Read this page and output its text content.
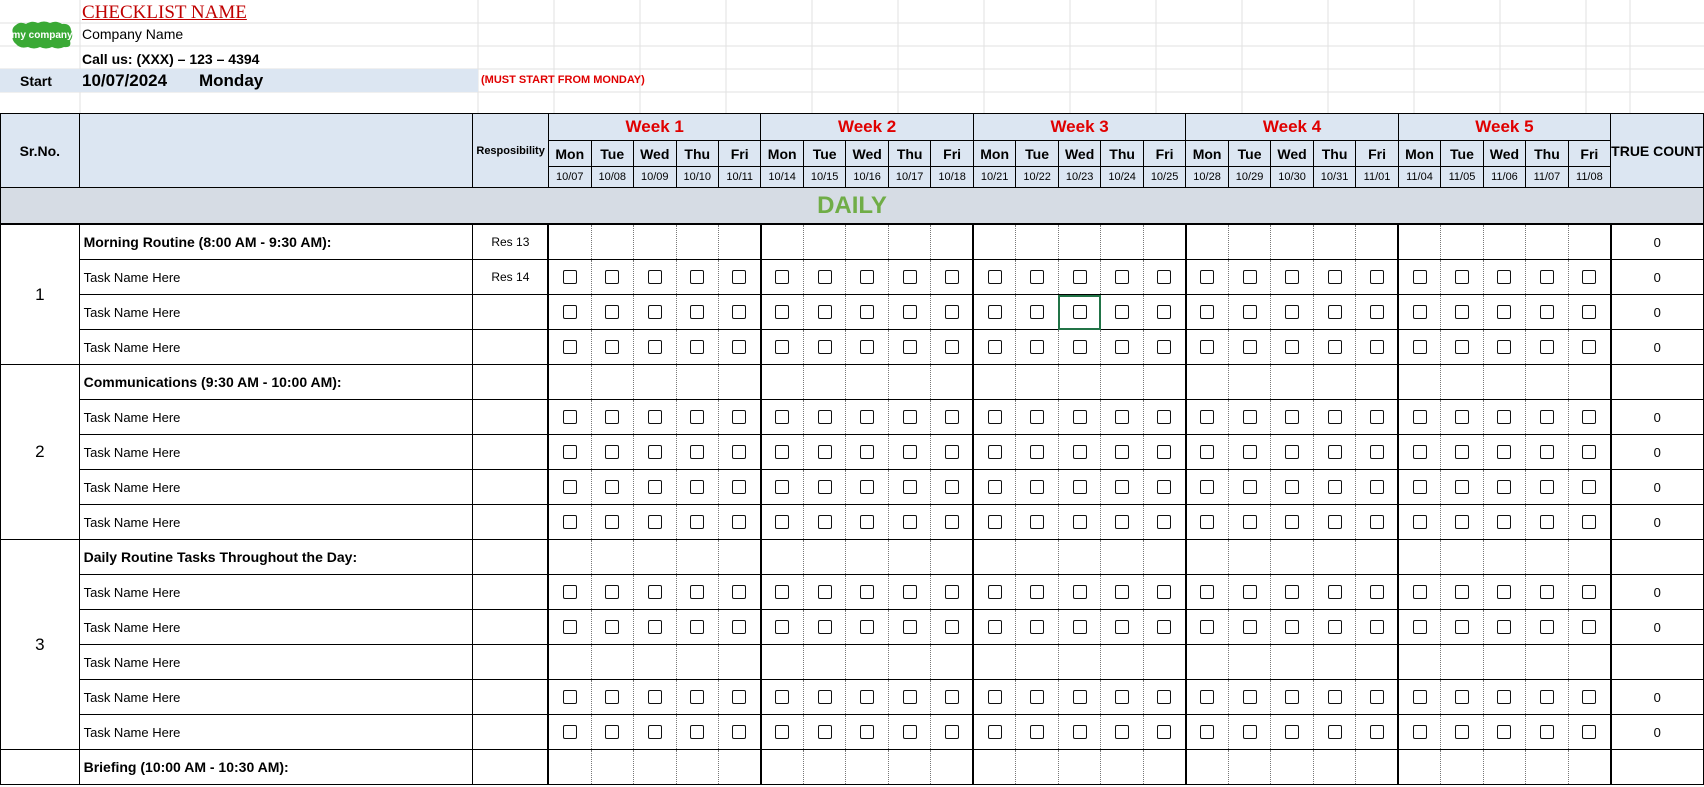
my company
CHECKLIST NAME
Company Name
Call us: (XXX) – 123 – 4394
Start 10/07/2024 Monday	(MUST START FROM MONDAY)
Sr.No.		Resposibility	Week 1					Week 2					Week 3					Week 4					Week 5					TRUE COUNT
			Mon	Tue	Wed	Thu	Fri	Mon	Tue	Wed	Thu	Fri	Mon	Tue	Wed	Thu	Fri	Mon	Tue	Wed	Thu	Fri	Mon	Tue	Wed	Thu	Fri	
			10/07	10/08	10/09	10/10	10/11	10/14	10/15	10/16	10/17	10/18	10/21	10/22	10/23	10/24	10/25	10/28	10/29	10/30	10/31	11/01	11/04	11/05	11/06	11/07	11/08	
DAILY																												
1	Morning Routine (8:00 AM - 9:30 AM):	Res 13																										0
	Task Name Here	Res 14																										0
	Task Name Here																											0
	Task Name Here																											0
2	Communications (9:30 AM - 10:00 AM):																											
	Task Name Here																											0
	Task Name Here																											0
	Task Name Here																											0
	Task Name Here																											0
3	Daily Routine Tasks Throughout the Day:																											
	Task Name Here																											0
	Task Name Here																											0
	Task Name Here																											
	Task Name Here																											0
	Task Name Here																											0
	Briefing (10:00 AM - 10:30 AM):																											
